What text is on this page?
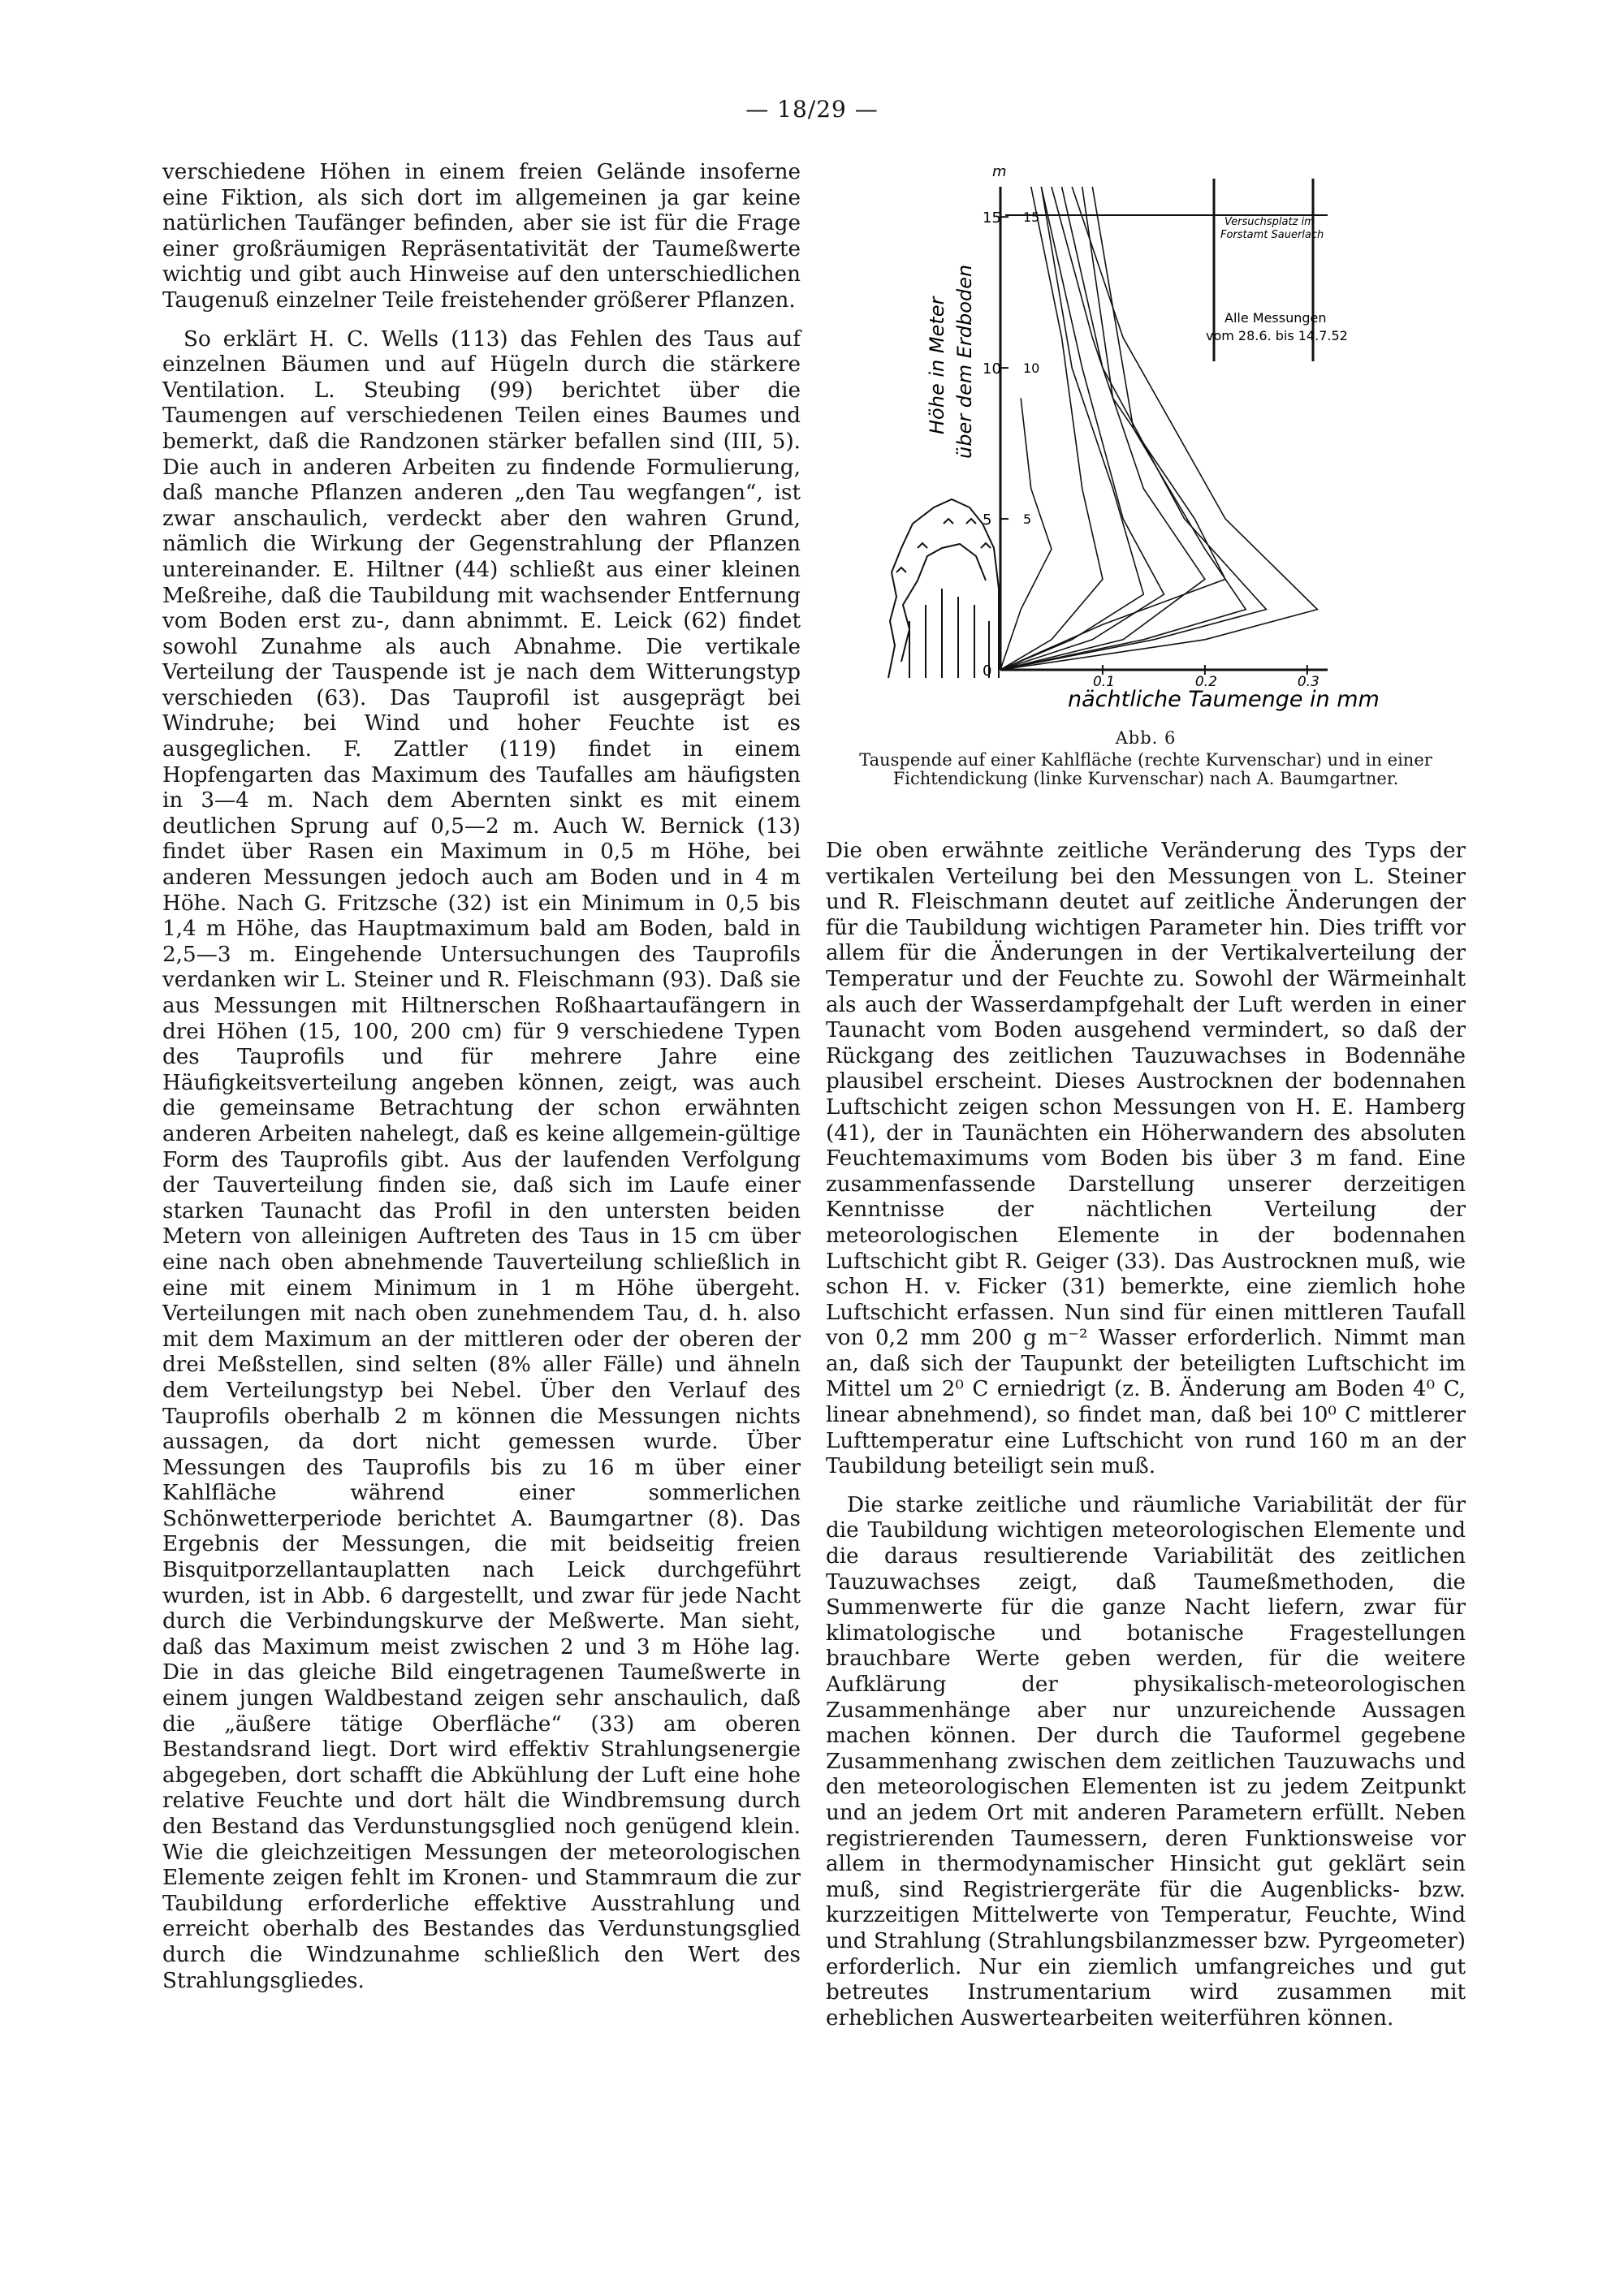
— 18/29 —

verschiedene Höhen in einem freien Gelände insoferne eine Fiktion, als sich dort im allgemeinen ja gar keine natürlichen Taufänger befinden, aber sie ist für die Frage einer großräumigen Repräsentativität der Taumeßwerte wichtig und gibt auch Hinweise auf den unterschiedlichen Taugenuß einzelner Teile freistehender größerer Pflanzen.

So erklärt H. C. Wells (113) das Fehlen des Taus auf einzelnen Bäumen und auf Hügeln durch die stärkere Ventilation. L. Steubing (99) berichtet über die Taumengen auf verschiedenen Teilen eines Baumes und bemerkt, daß die Randzonen stärker befallen sind (III, 5). Die auch in anderen Arbeiten zu findende Formulierung, daß manche Pflanzen anderen „den Tau wegfangen“, ist zwar anschaulich, verdeckt aber den wahren Grund, nämlich die Wirkung der Gegenstrahlung der Pflanzen untereinander. E. Hiltner (44) schließt aus einer kleinen Meßreihe, daß die Taubildung mit wachsender Entfernung vom Boden erst zu-, dann abnimmt. E. Leick (62) findet sowohl Zunahme als auch Abnahme. Die vertikale Verteilung der Tauspende ist je nach dem Witterungstyp verschieden (63). Das Tauprofil ist ausgeprägt bei Windruhe; bei Wind und hoher Feuchte ist es ausgeglichen. F. Zattler (119) findet in einem Hopfengarten das Maximum des Taufalles am häufigsten in 3—4 m. Nach dem Abernten sinkt es mit einem deutlichen Sprung auf 0,5—2 m. Auch W. Bernick (13) findet über Rasen ein Maximum in 0,5 m Höhe, bei anderen Messungen jedoch auch am Boden und in 4 m Höhe. Nach G. Fritzsche (32) ist ein Minimum in 0,5 bis 1,4 m Höhe, das Hauptmaximum bald am Boden, bald in 2,5—3 m. Eingehende Untersuchungen des Tauprofils verdanken wir L. Steiner und R. Fleischmann (93). Daß sie aus Messungen mit Hiltnerschen Roßhaartaufängern in drei Höhen (15, 100, 200 cm) für 9 verschiedene Typen des Tauprofils und für mehrere Jahre eine Häufigkeitsverteilung angeben können, zeigt, was auch die gemeinsame Betrachtung der schon erwähnten anderen Arbeiten nahelegt, daß es keine allgemein-gültige Form des Tauprofils gibt. Aus der laufenden Verfolgung der Tauverteilung finden sie, daß sich im Laufe einer starken Taunacht das Profil in den untersten beiden Metern von alleinigen Auftreten des Taus in 15 cm über eine nach oben abnehmende Tauverteilung schließlich in eine mit einem Minimum in 1 m Höhe übergeht. Verteilungen mit nach oben zunehmendem Tau, d. h. also mit dem Maximum an der mittleren oder der oberen der drei Meßstellen, sind selten (8% aller Fälle) und ähneln dem Verteilungstyp bei Nebel. Über den Verlauf des Tauprofils oberhalb 2 m können die Messungen nichts aussagen, da dort nicht gemessen wurde. Über Messungen des Tauprofils bis zu 16 m über einer Kahlfläche während einer sommerlichen Schönwetterperiode berichtet A. Baumgartner (8). Das Ergebnis der Messungen, die mit beidseitig freien Bisquitporzellantauplatten nach Leick durchgeführt wurden, ist in Abb. 6 dargestellt, und zwar für jede Nacht durch die Verbindungskurve der Meßwerte. Man sieht, daß das Maximum meist zwischen 2 und 3 m Höhe lag. Die in das gleiche Bild eingetragenen Taumeßwerte in einem jungen Waldbestand zeigen sehr anschaulich, daß die „äußere tätige Oberfläche“ (33) am oberen Bestandsrand liegt. Dort wird effektiv Strahlungsenergie abgegeben, dort schafft die Abkühlung der Luft eine hohe relative Feuchte und dort hält die Windbremsung durch den Bestand das Verdunstungsglied noch genügend klein. Wie die gleichzeitigen Messungen der meteorologischen Elemente zeigen fehlt im Kronen- und Stammraum die zur Taubildung erforderliche effektive Ausstrahlung und erreicht oberhalb des Bestandes das Verdunstungsglied durch die Windzunahme schließlich den Wert des Strahlungsgliedes.

15
10
5
0
15
10
5
0.1	0.2	0.3
m
Höhe in Meter über dem Erdboden
nächtliche Taumenge in mm
Versuchsplatz im
Forstamt Sauerlach
Alle Messungen
vom 28.6. bis 14.7.52
Abb. 6
Tauspende auf einer Kahlfläche (rechte Kurvenschar) und in einer Fichtendickung (linke Kurvenschar) nach A. Baumgartner.

Die oben erwähnte zeitliche Veränderung des Typs der vertikalen Verteilung bei den Messungen von L. Steiner und R. Fleischmann deutet auf zeitliche Änderungen der für die Taubildung wichtigen Parameter hin. Dies trifft vor allem für die Änderungen in der Vertikalverteilung der Temperatur und der Feuchte zu. Sowohl der Wärmeinhalt als auch der Wasserdampfgehalt der Luft werden in einer Taunacht vom Boden ausgehend vermindert, so daß der Rückgang des zeitlichen Tauzuwachses in Bodennähe plausibel erscheint. Dieses Austrocknen der bodennahen Luftschicht zeigen schon Messungen von H. E. Hamberg (41), der in Taunächten ein Höherwandern des absoluten Feuchtemaximums vom Boden bis über 3 m fand. Eine zusammenfassende Darstellung unserer derzeitigen Kenntnisse der nächtlichen Verteilung der meteorologischen Elemente in der bodennahen Luftschicht gibt R. Geiger (33). Das Austrocknen muß, wie schon H. v. Ficker (31) bemerkte, eine ziemlich hohe Luftschicht erfassen. Nun sind für einen mittleren Taufall von 0,2 mm 200 g m⁻² Wasser erforderlich. Nimmt man an, daß sich der Taupunkt der beteiligten Luftschicht im Mittel um 2⁰ C erniedrigt (z. B. Änderung am Boden 4⁰ C, linear abnehmend), so findet man, daß bei 10⁰ C mittlerer Lufttemperatur eine Luftschicht von rund 160 m an der Taubildung beteiligt sein muß.

Die starke zeitliche und räumliche Variabilität der für die Taubildung wichtigen meteorologischen Elemente und die daraus resultierende Variabilität des zeitlichen Tauzuwachses zeigt, daß Taumeßmethoden, die Summenwerte für die ganze Nacht liefern, zwar für klimatologische und botanische Fragestellungen brauchbare Werte geben werden, für die weitere Aufklärung der physikalisch-meteorologischen Zusammenhänge aber nur unzureichende Aussagen machen können. Der durch die Tauformel gegebene Zusammenhang zwischen dem zeitlichen Tauzuwachs und den meteorologischen Elementen ist zu jedem Zeitpunkt und an jedem Ort mit anderen Parametern erfüllt. Neben registrierenden Taumessern, deren Funktionsweise vor allem in thermodynamischer Hinsicht gut geklärt sein muß, sind Registriergeräte für die Augenblicks- bzw. kurzzeitigen Mittelwerte von Temperatur, Feuchte, Wind und Strahlung (Strahlungsbilanzmesser bzw. Pyrgeometer) erforderlich. Nur ein ziemlich umfangreiches und gut betreutes Instrumentarium wird zusammen mit erheblichen Auswertearbeiten weiterführen können.
